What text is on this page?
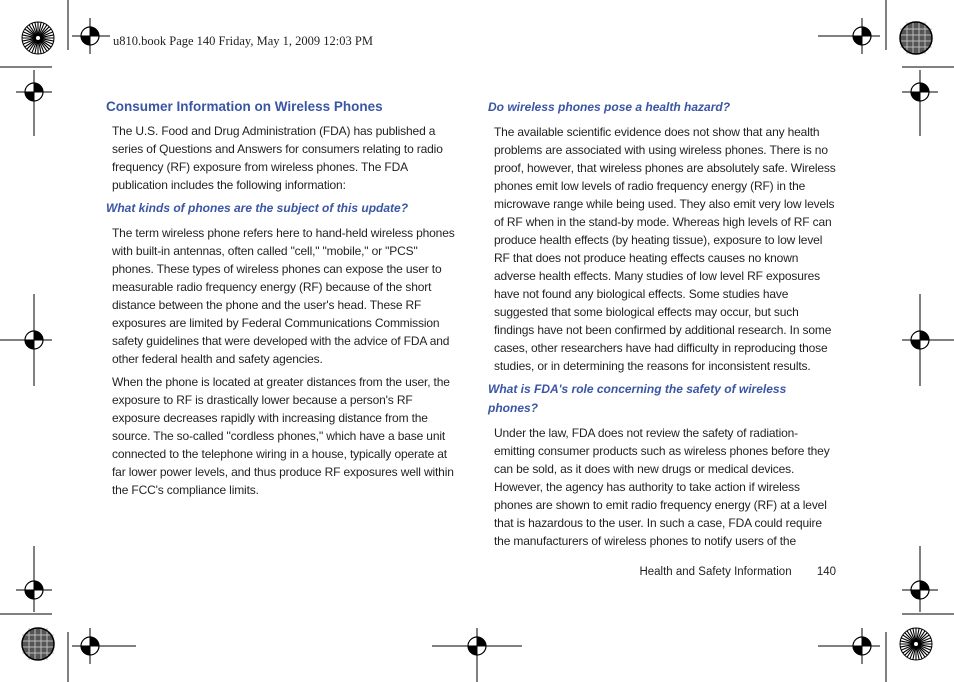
u810.book Page 140 Friday, May 1, 2009 12:03 PM
Consumer Information on Wireless Phones

The U.S. Food and Drug Administration (FDA) has published a series of Questions and Answers for consumers relating to radio frequency (RF) exposure from wireless phones. The FDA publication includes the following information:

What kinds of phones are the subject of this update?

The term wireless phone refers here to hand-held wireless phones with built-in antennas, often called "cell," "mobile," or "PCS" phones. These types of wireless phones can expose the user to measurable radio frequency energy (RF) because of the short distance between the phone and the user's head. These RF exposures are limited by Federal Communications Commission safety guidelines that were developed with the advice of FDA and other federal health and safety agencies.

When the phone is located at greater distances from the user, the exposure to RF is drastically lower because a person's RF exposure decreases rapidly with increasing distance from the source. The so-called "cordless phones," which have a base unit connected to the telephone wiring in a house, typically operate at far lower power levels, and thus produce RF exposures well within the FCC's compliance limits.

Do wireless phones pose a health hazard?

The available scientific evidence does not show that any health problems are associated with using wireless phones. There is no proof, however, that wireless phones are absolutely safe. Wireless phones emit low levels of radio frequency energy (RF) in the microwave range while being used. They also emit very low levels of RF when in the stand-by mode. Whereas high levels of RF can produce health effects (by heating tissue), exposure to low level RF that does not produce heating effects causes no known adverse health effects. Many studies of low level RF exposures have not found any biological effects. Some studies have suggested that some biological effects may occur, but such findings have not been confirmed by additional research. In some cases, other researchers have had difficulty in reproducing those studies, or in determining the reasons for inconsistent results.

What is FDA's role concerning the safety of wireless phones?

Under the law, FDA does not review the safety of radiation-emitting consumer products such as wireless phones before they can be sold, as it does with new drugs or medical devices. However, the agency has authority to take action if wireless phones are shown to emit radio frequency energy (RF) at a level that is hazardous to the user. In such a case, FDA could require the manufacturers of wireless phones to notify users of the

Health and Safety Information 140
